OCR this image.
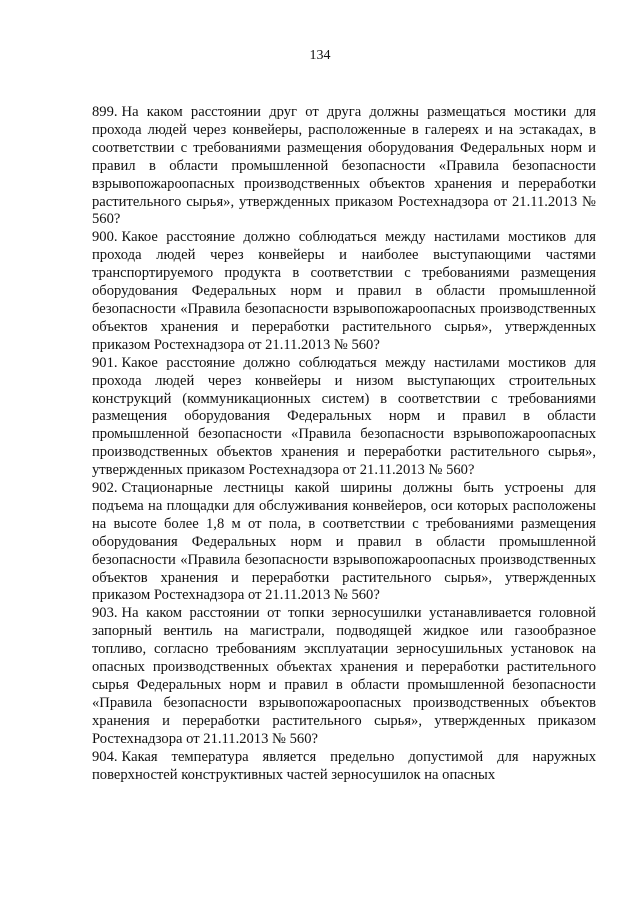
134

899. На каком расстоянии друг от друга должны размещаться мостики для прохода людей через конвейеры, расположенные в галереях и на эстакадах, в соответствии с требованиями размещения оборудования Федеральных норм и правил в области промышленной безопасности «Правила безопасности взрывопожароопасных производственных объектов хранения и переработки растительного сырья», утвержденных приказом Ростехнадзора от 21.11.2013 № 560?

900. Какое расстояние должно соблюдаться между настилами мостиков для прохода людей через конвейеры и наиболее выступающими частями транспортируемого продукта в соответствии с требованиями размещения оборудования Федеральных норм и правил в области промышленной безопасности «Правила безопасности взрывопожароопасных производственных объектов хранения и переработки растительного сырья», утвержденных приказом Ростехнадзора от 21.11.2013 № 560?

901. Какое расстояние должно соблюдаться между настилами мостиков для прохода людей через конвейеры и низом выступающих строительных конструкций (коммуникационных систем) в соответствии с требованиями размещения оборудования Федеральных норм и правил в области промышленной безопасности «Правила безопасности взрывопожароопасных производственных объектов хранения и переработки растительного сырья», утвержденных приказом Ростехнадзора от 21.11.2013 № 560?

902. Стационарные лестницы какой ширины должны быть устроены для подъема на площадки для обслуживания конвейеров, оси которых расположены на высоте более 1,8 м от пола, в соответствии с требованиями размещения оборудования Федеральных норм и правил в области промышленной безопасности «Правила безопасности взрывопожароопасных производственных объектов хранения и переработки растительного сырья», утвержденных приказом Ростехнадзора от 21.11.2013 № 560?

903. На каком расстоянии от топки зерносушилки устанавливается головной запорный вентиль на магистрали, подводящей жидкое или газообразное топливо, согласно требованиям эксплуатации зерносушильных установок на опасных производственных объектах хранения и переработки растительного сырья Федеральных норм и правил в области промышленной безопасности «Правила безопасности взрывопожароопасных производственных объектов хранения и переработки растительного сырья», утвержденных приказом Ростехнадзора от 21.11.2013 № 560?

904. Какая температура является предельно допустимой для наружных поверхностей конструктивных частей зерносушилок на опасных
